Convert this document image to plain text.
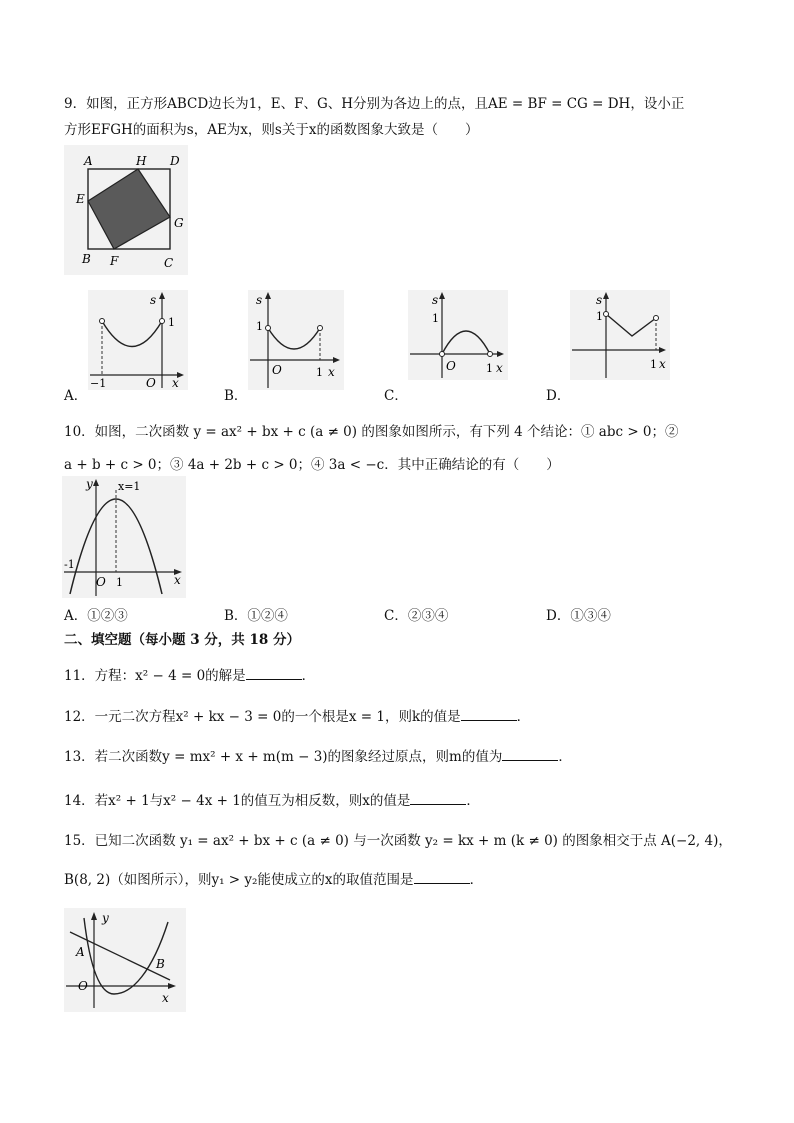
9．如图，正方形ABCD边长为1，E、F、G、H分别为各边上的点，且AE = BF = CG = DH，设小正
方形EFGH的面积为s，AE为x，则s关于x的函数图象大致是（　　）
A	H D
E
G
B F	C
s
1
−1	O x
A．
s
1
O	1 x
B．
s
1
O	1 x
C．
s
1
1 x
D．
10．如图，二次函数 y = ax² + bx + c (a ≠ 0) 的图象如图所示，有下列 4 个结论：① abc > 0；②
a + b + c > 0；③ 4a + 2b + c > 0；④ 3a < −c．其中正确结论的有（　　）
y x=1
-1
O 1	x
A．①②③	B．①②④	C．②③④	D．①③④
二、填空题（每小题 3 分，共 18 分）
11．方程：x² − 4 = 0的解是	．
12．一元二次方程x² + kx − 3 = 0的一个根是x = 1，则k的值是	．
13．若二次函数y = mx² + x + m(m − 3)的图象经过原点，则m的值为	．
14．若x² + 1与x² − 4x + 1的值互为相反数，则x的值是	．
15．已知二次函数 y₁ = ax² + bx + c (a ≠ 0) 与一次函数 y₂ = kx + m (k ≠ 0) 的图象相交于点 A(−2, 4)，
B(8, 2)（如图所示），则y₁ > y₂能使成立的x的取值范围是	．
y
A
B
O
x
